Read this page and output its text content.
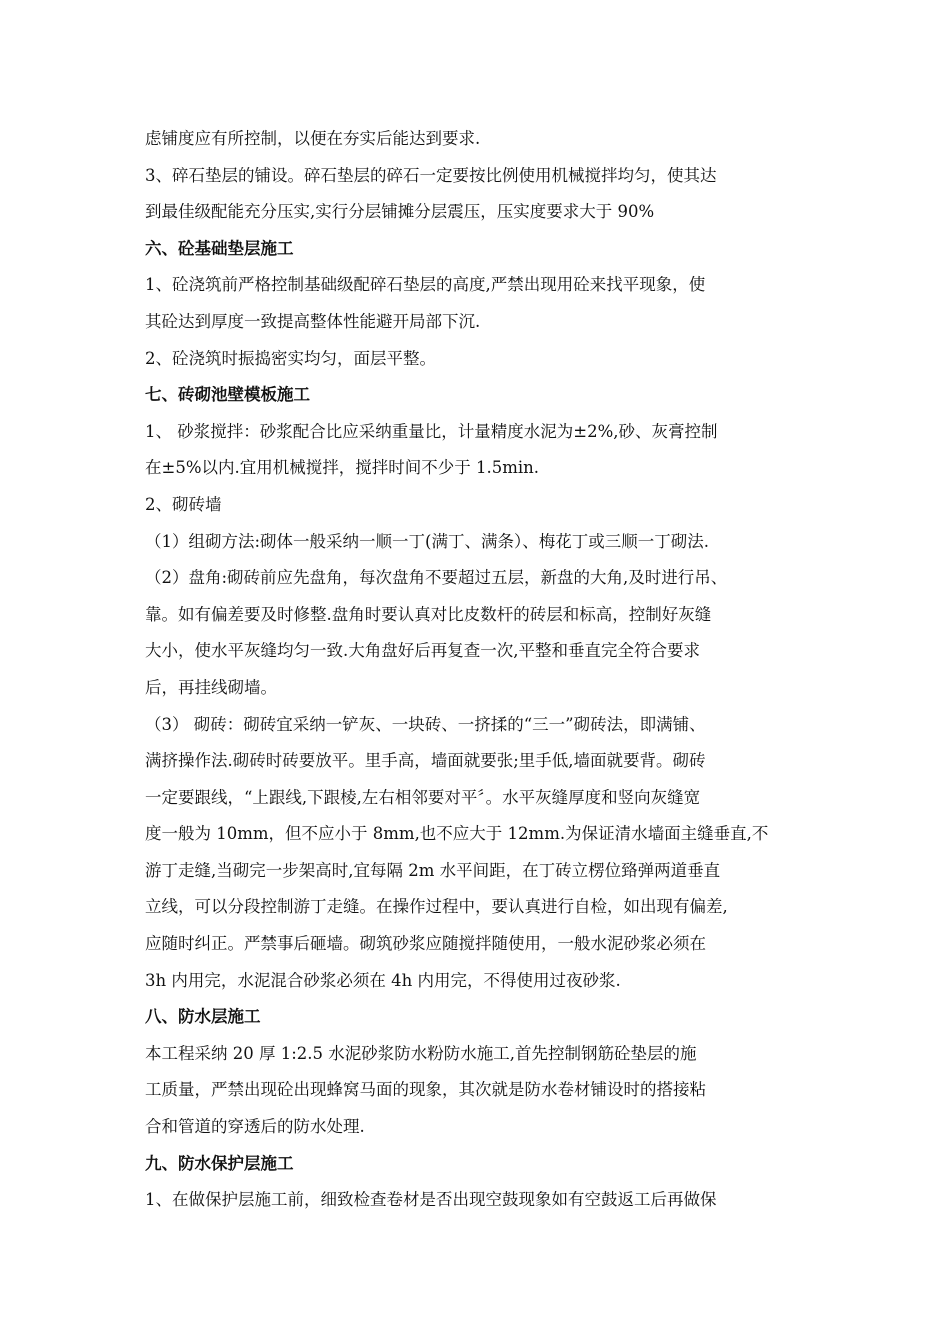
虑铺度应有所控制，以便在夯实后能达到要求.
3、碎石垫层的铺设。碎石垫层的碎石一定要按比例使用机械搅拌均匀，使其达
到最佳级配能充分压实,实行分层铺摊分层震压，压实度要求大于 90%
六、砼基础垫层施工
1、砼浇筑前严格控制基础级配碎石垫层的高度,严禁出现用砼来找平现象，使
其砼达到厚度一致提高整体性能避开局部下沉.
2、砼浇筑时振捣密实均匀，面层平整。
七、砖砌池壁模板施工
1、 砂浆搅拌：砂浆配合比应采纳重量比，计量精度水泥为±2%,砂、灰膏控制
在±5%以内.宜用机械搅拌，搅拌时间不少于 1.5min.
2、砌砖墙
（1）组砌方法:砌体一般采纳一顺一丁(满丁、满条）、梅花丁或三顺一丁砌法.
（2）盘角:砌砖前应先盘角，每次盘角不要超过五层，新盘的大角,及时进行吊、
靠。如有偏差要及时修整.盘角时要认真对比皮数杆的砖层和标高，控制好灰缝
大小，使水平灰缝均匀一致.大角盘好后再复查一次,平整和垂直完全符合要求
后，再挂线砌墙。
（3） 砌砖：砌砖宜采纳一铲灰、一块砖、一挤揉的“三一”砌砖法，即满铺、
满挤操作法.砌砖时砖要放平。里手高，墙面就要张;里手低,墙面就要背。砌砖
一定要跟线，“上跟线,下跟棱,左右相邻要对平〞。水平灰缝厚度和竖向灰缝宽
度一般为 10mm，但不应小于 8mm,也不应大于 12mm.为保证清水墙面主缝垂直,不
游丁走缝,当砌完一步架高时,宜每隔 2m 水平间距，在丁砖立楞位臵弹两道垂直
立线，可以分段控制游丁走缝。在操作过程中，要认真进行自检，如出现有偏差,
应随时纠正。严禁事后砸墙。砌筑砂浆应随搅拌随使用，一般水泥砂浆必须在
3h 内用完，水泥混合砂浆必须在 4h 内用完，不得使用过夜砂浆.
八、防水层施工
本工程采纳 20 厚 1:2.5 水泥砂浆防水粉防水施工,首先控制钢筋砼垫层的施
工质量，严禁出现砼出现蜂窝马面的现象，其次就是防水卷材铺设时的搭接粘
合和管道的穿透后的防水处理.
九、防水保护层施工
1、在做保护层施工前，细致检查卷材是否出现空鼓现象如有空鼓返工后再做保
